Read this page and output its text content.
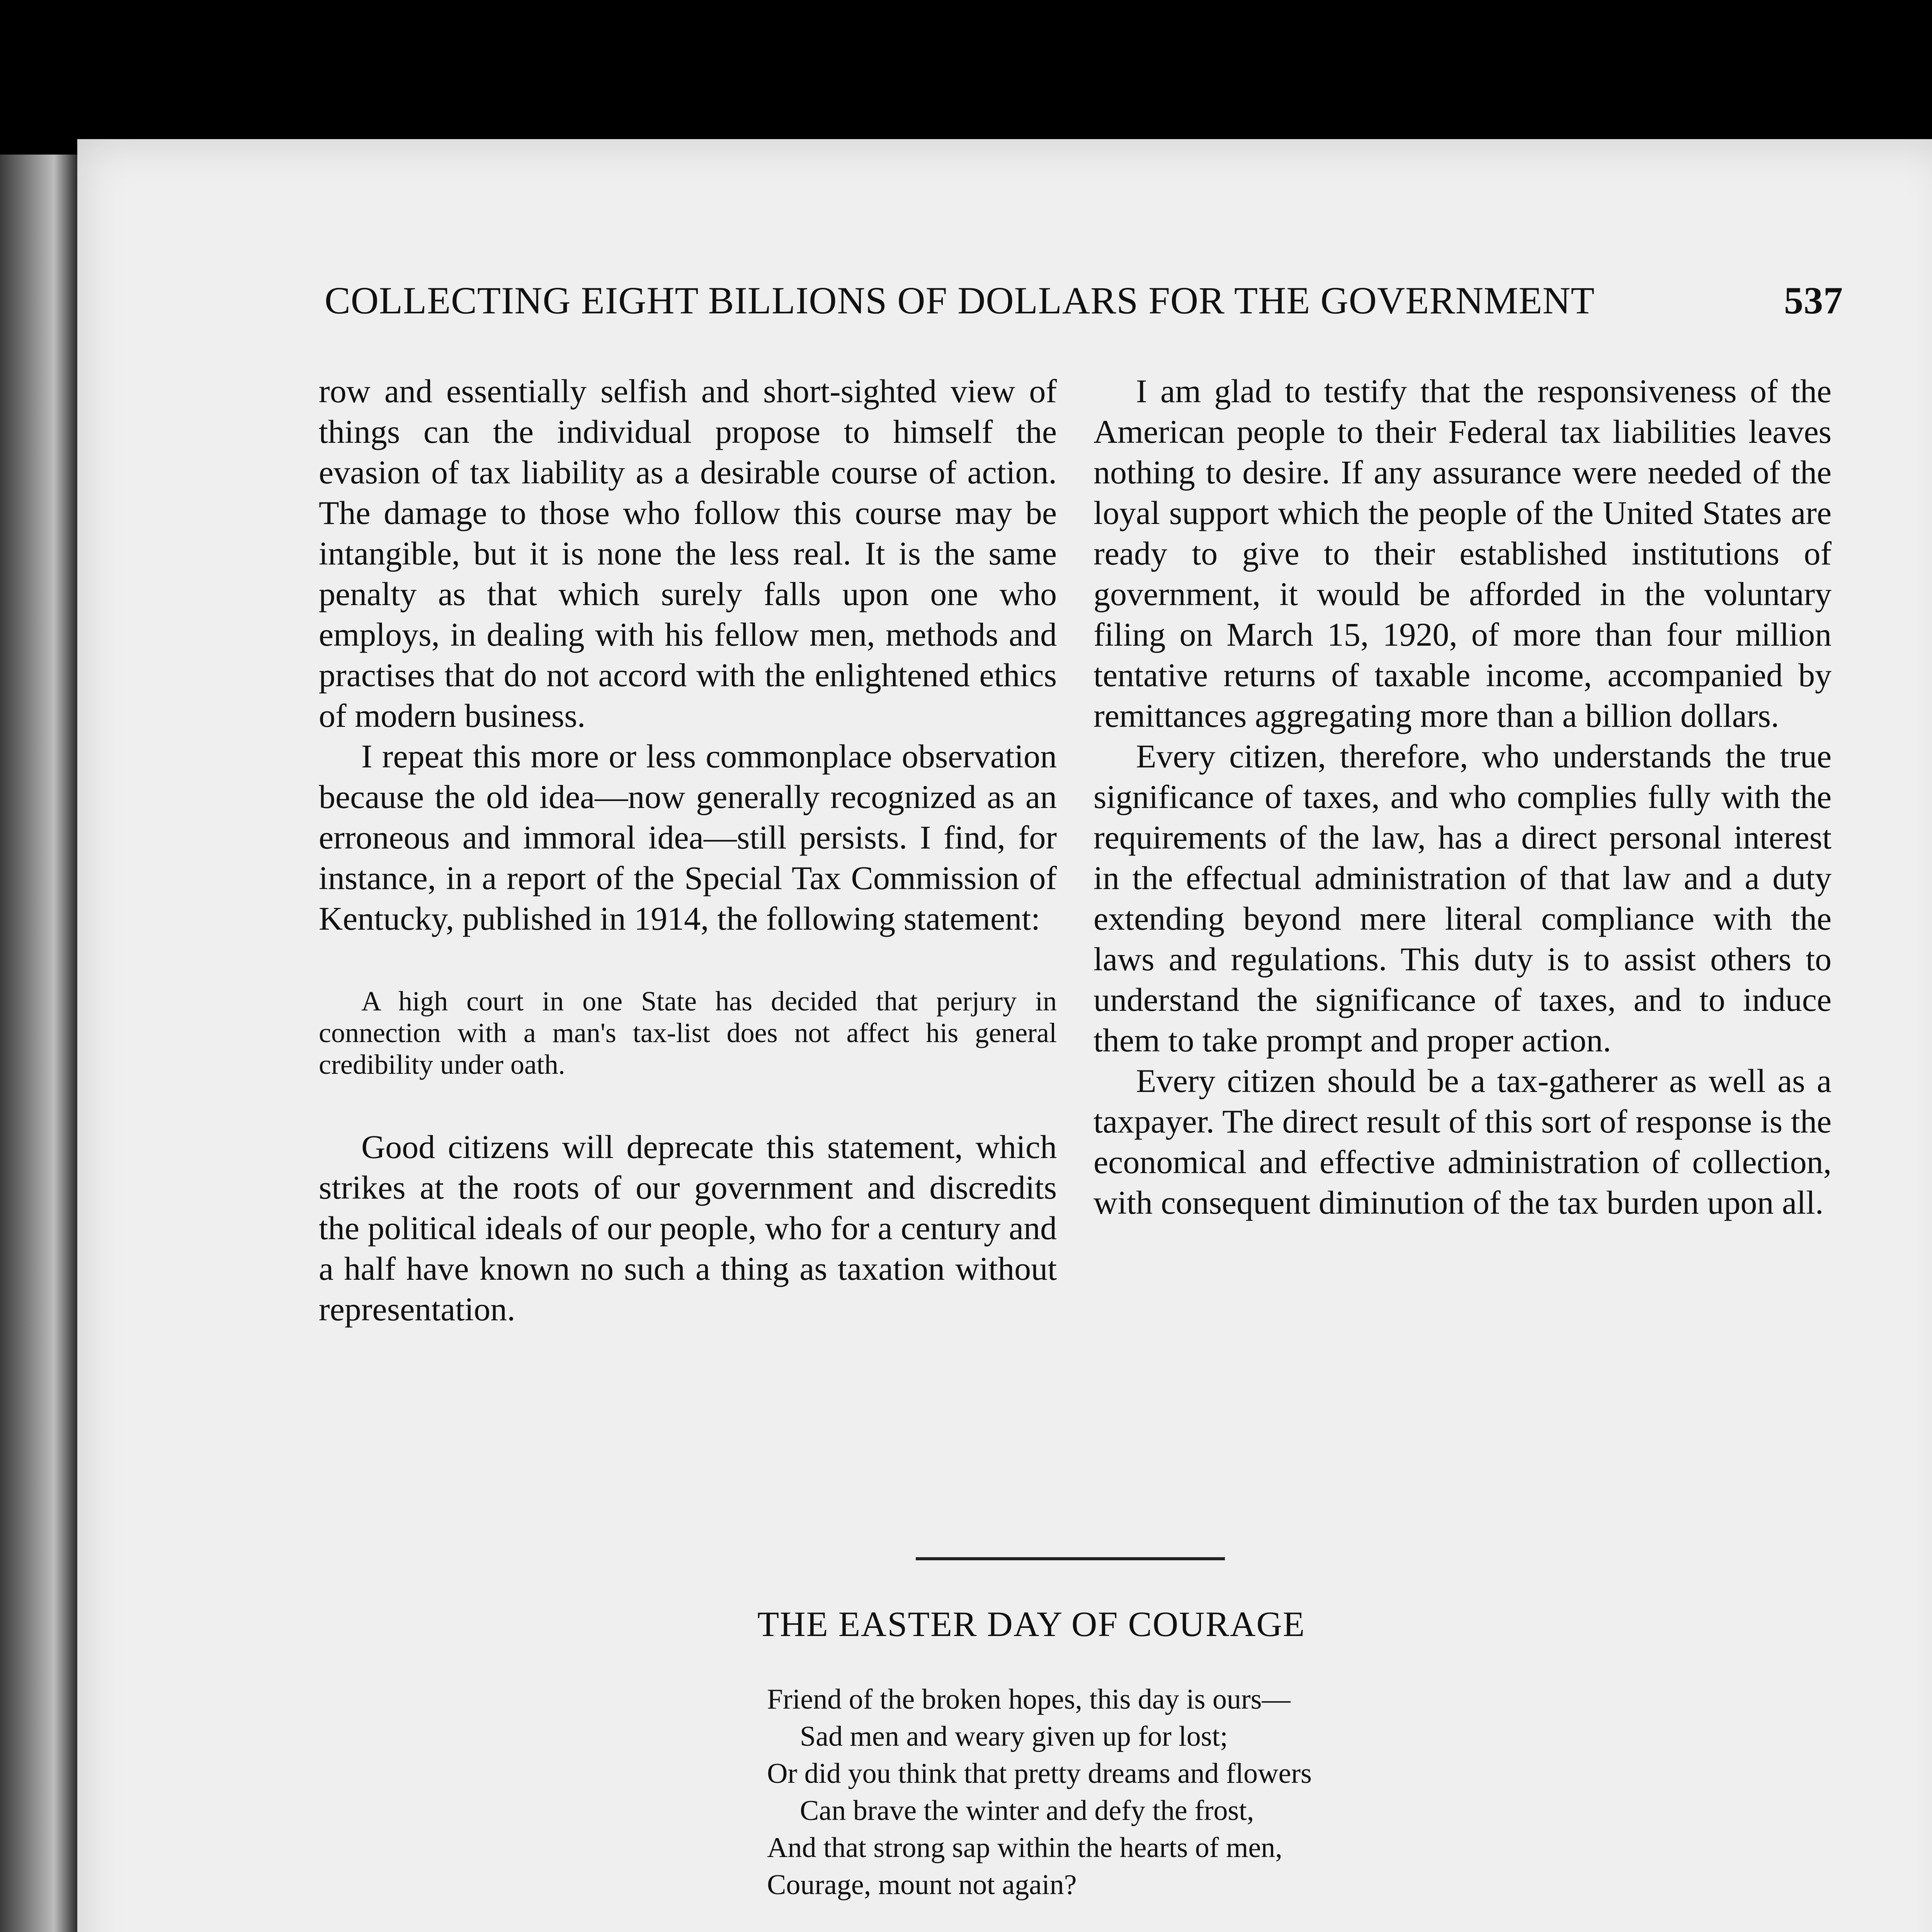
COLLECTING EIGHT BILLIONS OF DOLLARS FOR THE GOVERNMENT	537

row and essentially selfish and short-sighted view of things can the individual propose to himself the evasion of tax liability as a desirable course of action. The damage to those who follow this course may be intangible, but it is none the less real. It is the same penalty as that which surely falls upon one who employs, in dealing with his fellow men, methods and practises that do not accord with the enlightened ethics of modern business.

I repeat this more or less commonplace observation because the old idea—now generally recognized as an erroneous and immoral idea—still persists. I find, for instance, in a report of the Special Tax Commission of Kentucky, published in 1914, the following statement:

A high court in one State has decided that perjury in connection with a man's tax-list does not affect his general credibility under oath.

Good citizens will deprecate this statement, which strikes at the roots of our government and discredits the political ideals of our people, who for a century and a half have known no such a thing as taxation without representation.

I am glad to testify that the responsiveness of the American people to their Federal tax liabilities leaves nothing to desire. If any assurance were needed of the loyal support which the people of the United States are ready to give to their established institutions of government, it would be afforded in the voluntary filing on March 15, 1920, of more than four million tentative returns of taxable income, accompanied by remittances aggregating more than a billion dollars.

Every citizen, therefore, who understands the true significance of taxes, and who complies fully with the requirements of the law, has a direct personal interest in the effectual administration of that law and a duty extending beyond mere literal compliance with the laws and regulations. This duty is to assist others to understand the significance of taxes, and to induce them to take prompt and proper action.

Every citizen should be a tax-gatherer as well as a taxpayer. The direct result of this sort of response is the economical and effective administration of collection, with consequent diminution of the tax burden upon all.

THE EASTER DAY OF COURAGE
Friend of the broken hopes, this day is ours—
Sad men and weary given up for lost;
Or did you think that pretty dreams and flowers
Can brave the winter and defy the frost,
And that strong sap within the hearts of men,
Courage, mount not again?
